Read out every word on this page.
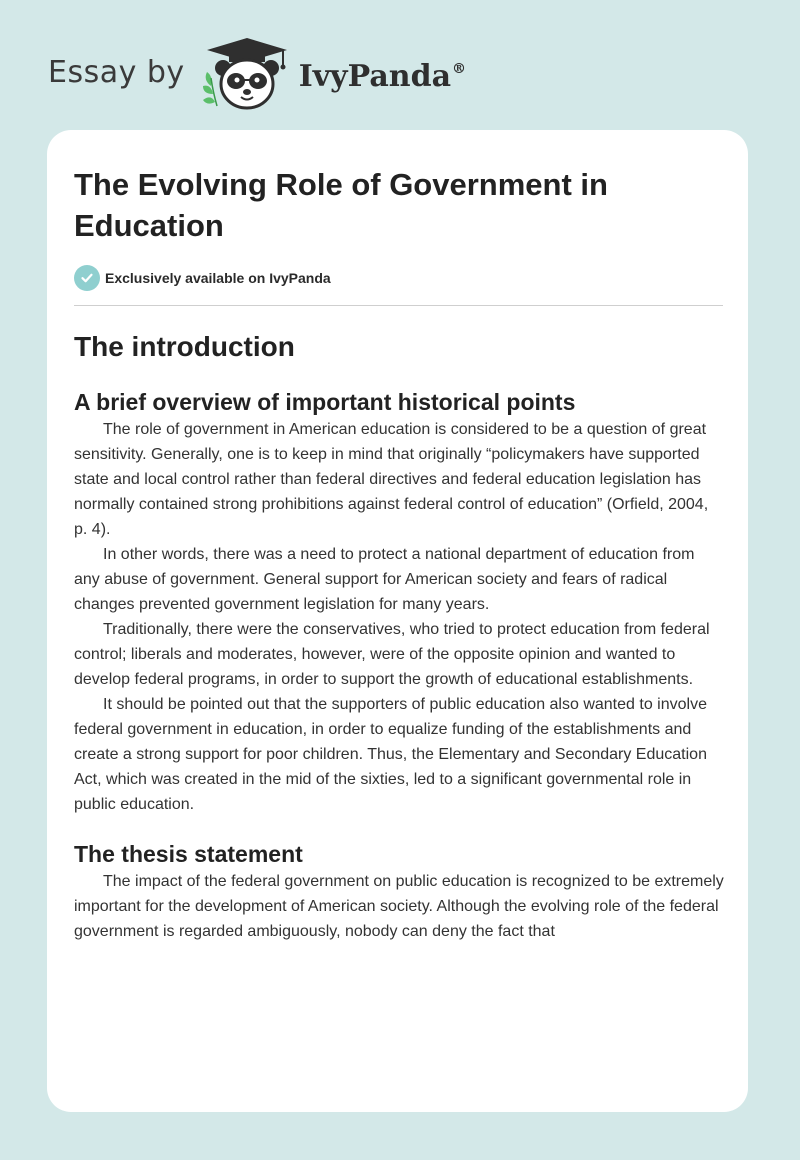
Essay by	IvyPanda®
The Evolving Role of Government in Education
Exclusively available on IvyPanda
The introduction
A brief overview of important historical points

The role of government in American education is considered to be a question of great sensitivity. Generally, one is to keep in mind that originally “policymakers have supported state and local control rather than federal directives and federal education legislation has normally contained strong prohibitions against federal control of education” (Orfield, 2004, p. 4).

In other words, there was a need to protect a national department of education from any abuse of government. General support for American society and fears of radical changes prevented government legislation for many years.

Traditionally, there were the conservatives, who tried to protect education from federal control; liberals and moderates, however, were of the opposite opinion and wanted to develop federal programs, in order to support the growth of educational establishments.

It should be pointed out that the supporters of public education also wanted to involve federal government in education, in order to equalize funding of the establishments and create a strong support for poor children. Thus, the Elementary and Secondary Education Act, which was created in the mid of the sixties, led to a significant governmental role in public education.

The thesis statement

The impact of the federal government on public education is recognized to be extremely important for the development of American society. Although the evolving role of the federal government is regarded ambiguously, nobody can deny the fact that
